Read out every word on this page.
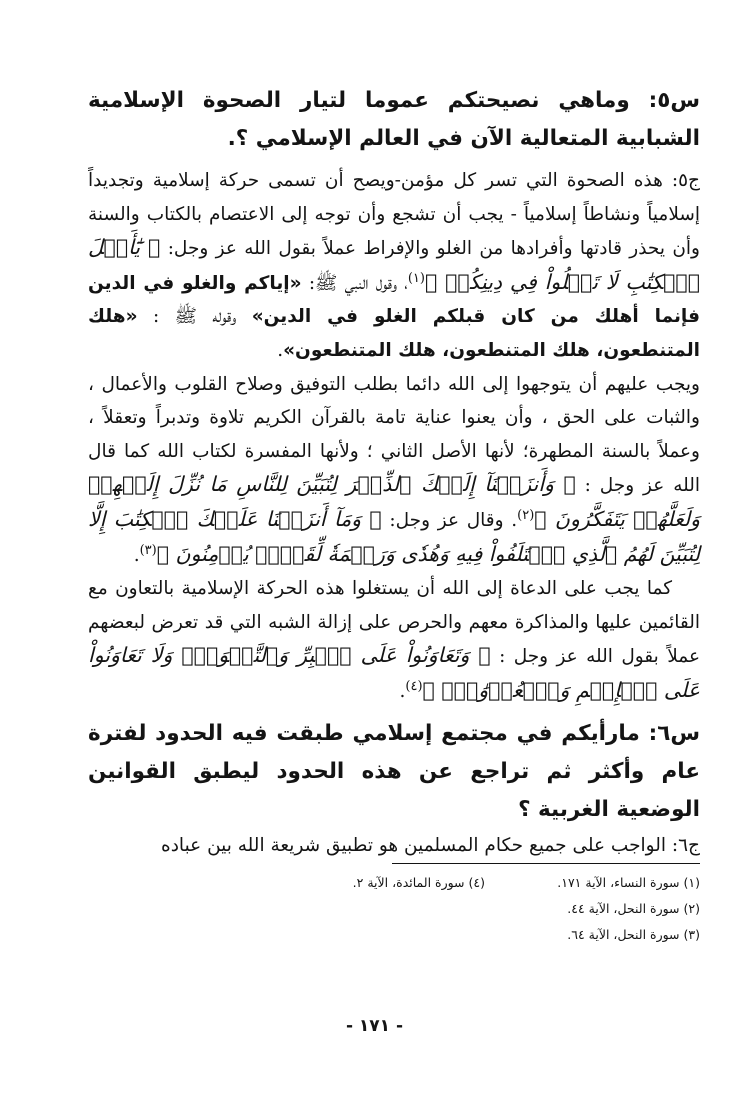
س٥: وماهي نصيحتكم عموما لتيار الصحوة الإسلامية الشبابية المتعالية الآن في العالم الإسلامي ؟.

ج٥: هذه الصحوة التي تسر كل مؤمن-ويصح أن تسمى حركة إسلامية وتجديداً إسلامياً ونشاطاً إسلامياً - يجب أن تشجع وأن توجه إلى الاعتصام بالكتاب والسنة وأن يحذر قادتها وأفرادها من الغلو والإفراط عملاً بقول الله عز وجل: ﴿ يَٰٓأَهۡلَ ٱلۡكِتَٰبِ لَا تَغۡلُواْ فِي دِينِكُمۡ ﴾$^{(١)}$، وقول النبي ﷺ: «إياكم والغلو في الدين فإنما أهلك من كان قبلكم الغلو في الدين» وقوله ﷺ : «هلك المتنطعون، هلك المتنطعون، هلك المتنطعون».

ويجب عليهم أن يتوجهوا إلى الله دائما بطلب التوفيق وصلاح القلوب والأعمال ، والثبات على الحق ، وأن يعنوا عناية تامة بالقرآن الكريم تلاوة وتدبراً وتعقلاً ، وعملاً بالسنة المطهرة؛ لأنها الأصل الثاني ؛ ولأنها المفسرة لكتاب الله كما قال الله عز وجل : ﴿ وَأَنزَلۡنَآ إِلَيۡكَ ٱلذِّكۡرَ لِتُبَيِّنَ لِلنَّاسِ مَا نُزِّلَ إِلَيۡهِمۡ وَلَعَلَّهُمۡ يَتَفَكَّرُونَ ﴾$^{(٢)}$. وقال عز وجل: ﴿ وَمَآ أَنزَلۡنَا عَلَيۡكَ ٱلۡكِتَٰبَ إِلَّا لِتُبَيِّنَ لَهُمُ ٱلَّذِي ٱخۡتَلَفُواْ فِيهِ وَهُدٗى وَرَحۡمَةٗ لِّقَوۡمٖ يُؤۡمِنُونَ ﴾$^{(٣)}$.

كما يجب على الدعاة إلى الله أن يستغلوا هذه الحركة الإسلامية بالتعاون مع القائمين عليها والمذاكرة معهم والحرص على إزالة الشبه التي قد تعرض لبعضهم عملاً بقول الله عز وجل : ﴿ وَتَعَاوَنُواْ عَلَى ٱلۡبِرِّ وَٱلتَّقۡوَىٰۖ وَلَا تَعَاوَنُواْ عَلَى ٱلۡإِثۡمِ وَٱلۡعُدۡوَٰنِۚ ﴾$^{(٤)}$.

س٦: مارأيكم في مجتمع إسلامي طبقت فيه الحدود لفترة عام وأكثر ثم تراجع عن هذه الحدود ليطبق القوانين الوضعية الغربية ؟

ج٦: الواجب على جميع حكام المسلمين هو تطبيق شريعة الله بين عباده

(١) سورة النساء، الآية ١٧١.
(٤) سورة المائدة، الآية ٢.
(٢) سورة النحل، الآية ٤٤.
(٣) سورة النحل، الآية ٦٤.
- ١٧١ -
